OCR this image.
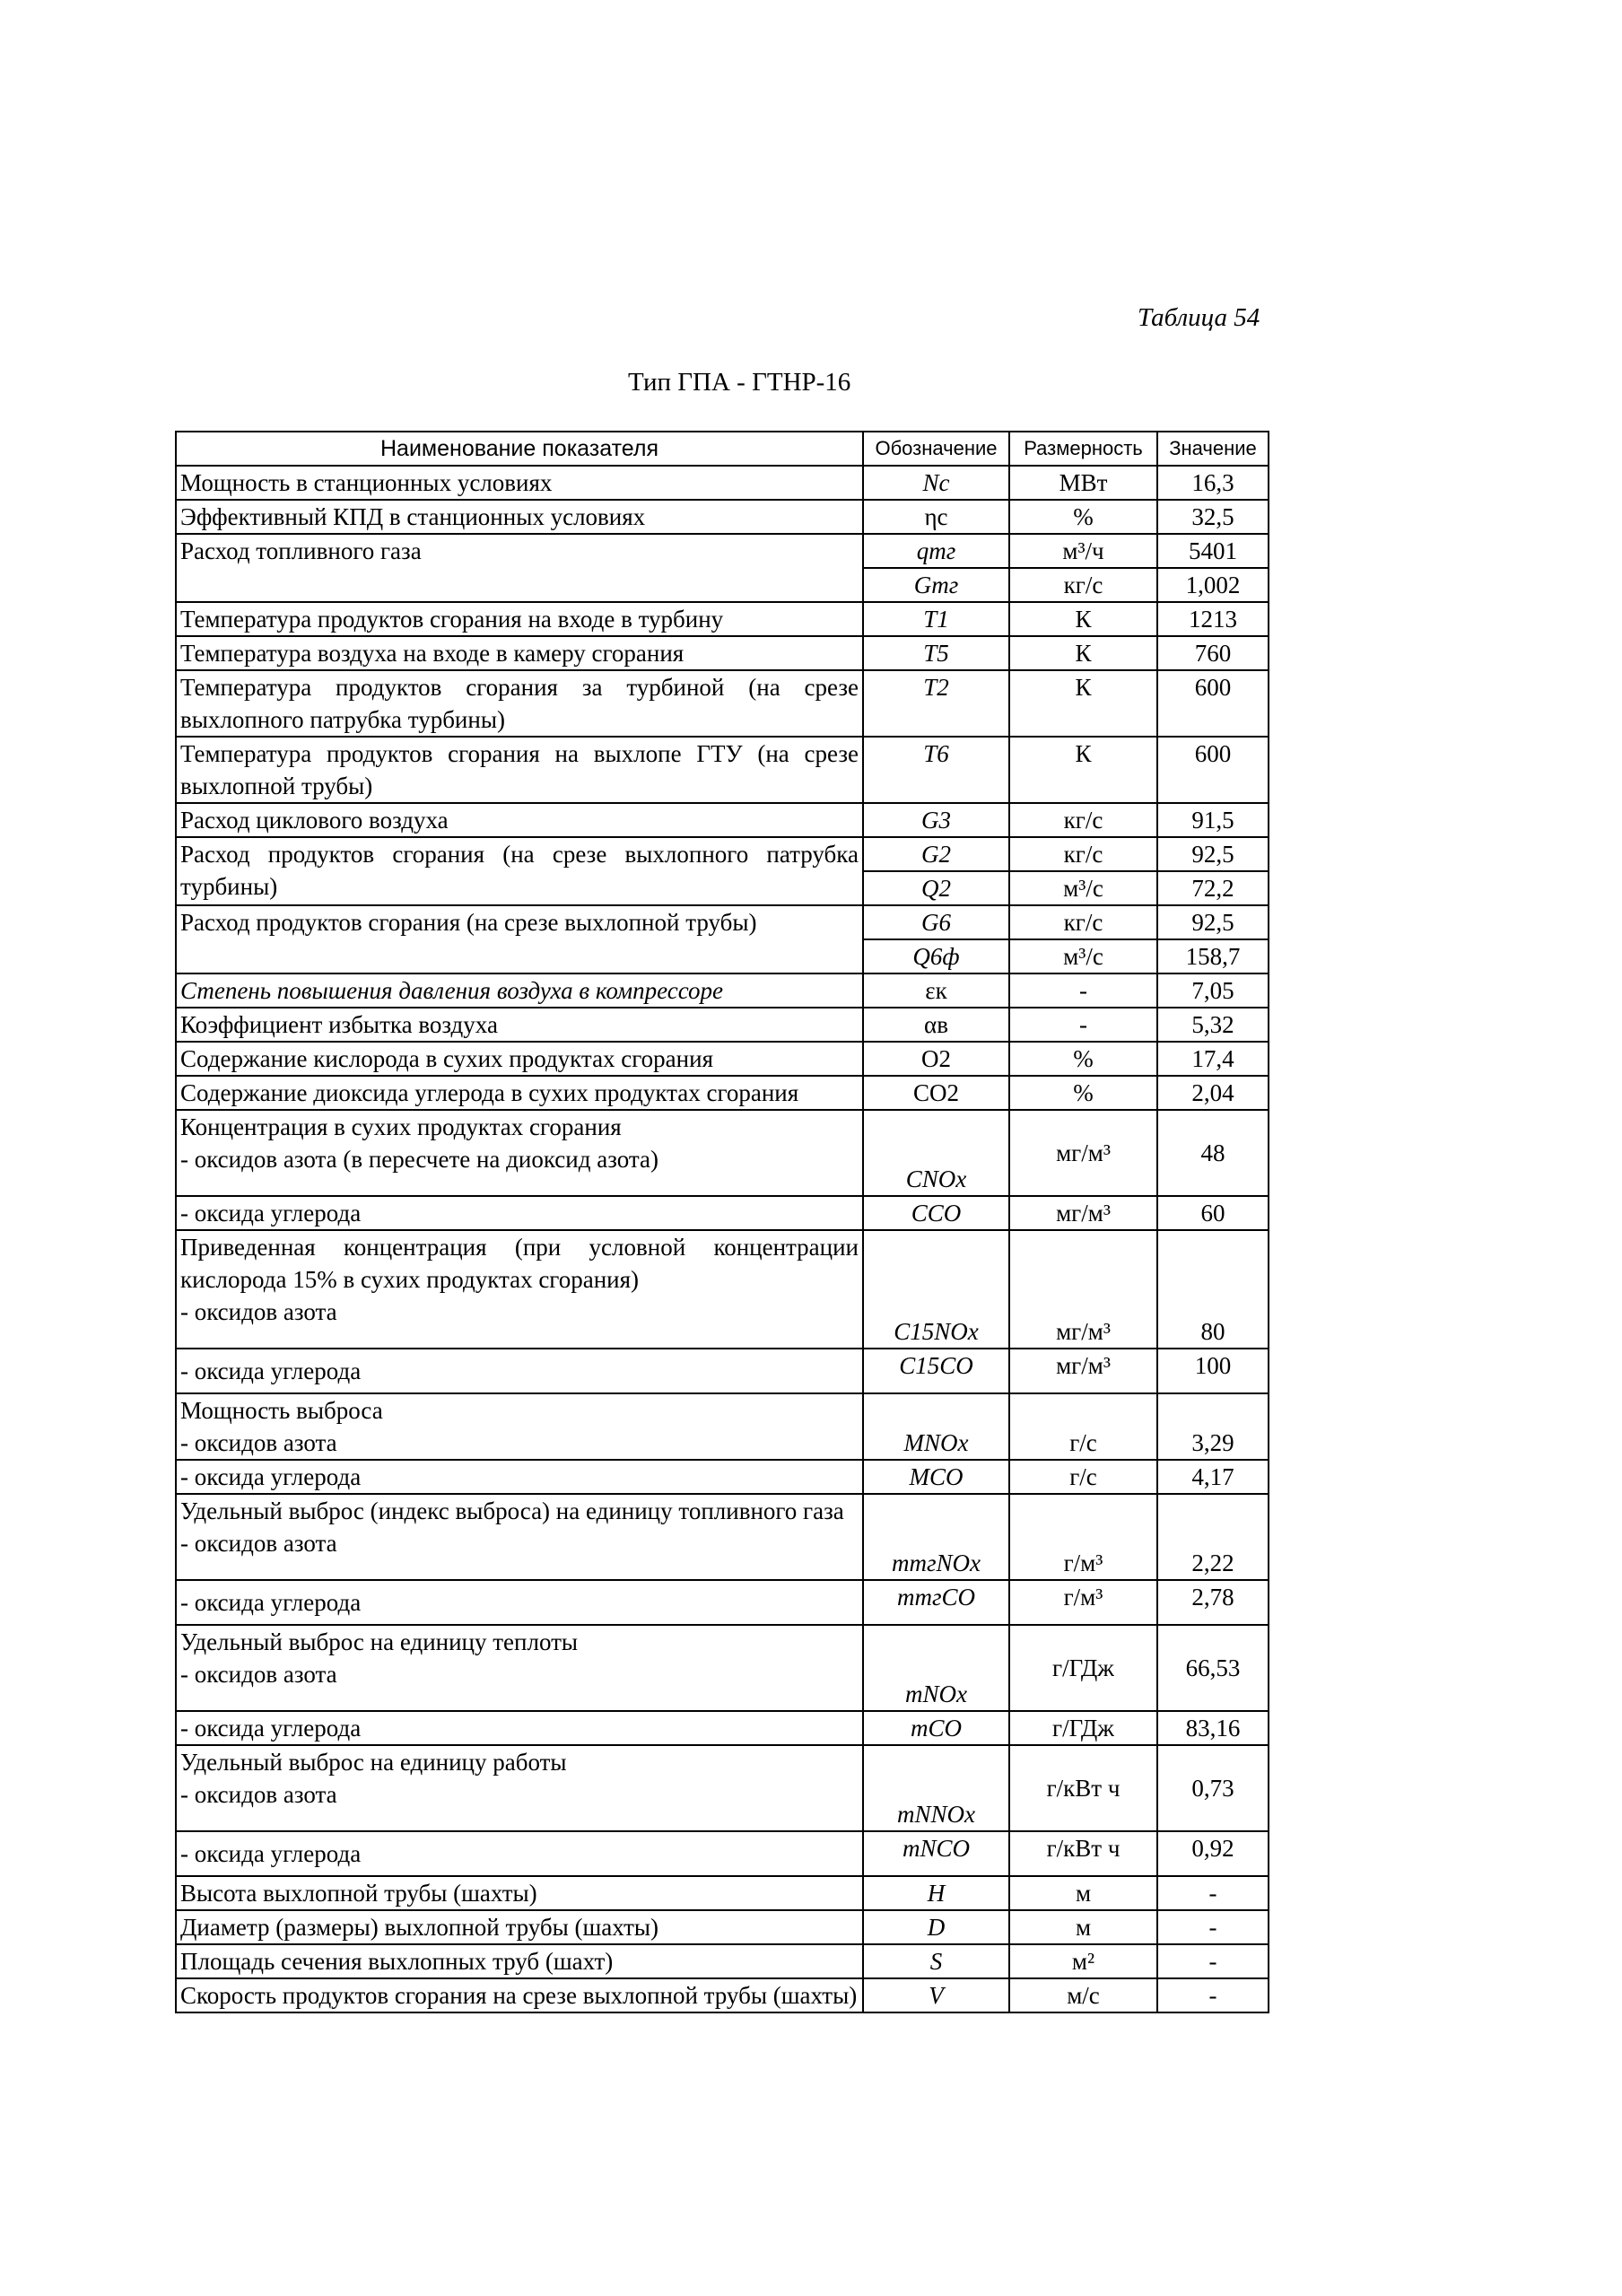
Таблица 54
Тип ГПА - ГТНР-16
Наименование показателя	Обозначение	Размерность	Значение
Мощность в станционных условиях	Nс	МВт	16,3
Эффективный КПД в станционных условиях	ηс	%	32,5
Расход топливного газа	qтг	м³/ч	5401
	Gтг	кг/с	1,002
Температура продуктов сгорания на входе в турбину	T1	К	1213
Температура воздуха на входе в камеру сгорания	T5	К	760
Температура продуктов сгорания за турбиной (на срезе выхлопного патрубка турбины)	T2	К	600
Температура продуктов сгорания на выхлопе ГТУ (на срезе выхлопной трубы)	T6	К	600
Расход циклового воздуха	G3	кг/с	91,5
Расход продуктов сгорания (на срезе выхлопного патрубка турбины)	G2	кг/с	92,5
	Q2	м³/с	72,2
Расход продуктов сгорания (на срезе выхлопной трубы)	G6	кг/с	92,5
	Q6ф	м³/с	158,7
Степень повышения давления воздуха в компрессоре	εк	-	7,05
Коэффициент избытка воздуха	αв	-	5,32
Содержание кислорода в сухих продуктах сгорания	O2	%	17,4
Содержание диоксида углерода в сухих продуктах сгорания	CO2	%	2,04

Концентрация в сухих продуктах сгорания
- оксидов азота (в пересчете на диоксид азота)	CNOx	мг/м³	48
- оксида углерода	CCO	мг/м³	60

Приведенная концентрация (при условной концентрации кислорода 15% в сухих продуктах сгорания)
- оксидов азота	C15NOx	мг/м³	80
- оксида углерода	C15CO	мг/м³	100

Мощность выброса
- оксидов азота	MNOx	г/с	3,29
- оксида углерода	MCO	г/с	4,17

Удельный выброс (индекс выброса) на единицу топливного газа
- оксидов азота	mтгNOx	г/м³	2,22
- оксида углерода	mтгCO	г/м³	2,78

Удельный выброс на единицу теплоты
- оксидов азота	mNOx	г/ГДж	66,53
- оксида углерода	mCO	г/ГДж	83,16

Удельный выброс на единицу работы
- оксидов азота	mNNOx	г/кВт ч	0,73
- оксида углерода	mNCO	г/кВт ч	0,92
Высота выхлопной трубы (шахты)	H	м	-
Диаметр (размеры) выхлопной трубы (шахты)	D	м	-
Площадь сечения выхлопных труб (шахт)	S	м²	-
Скорость продуктов сгорания на срезе выхлопной трубы (шахты)	V	м/с	-
